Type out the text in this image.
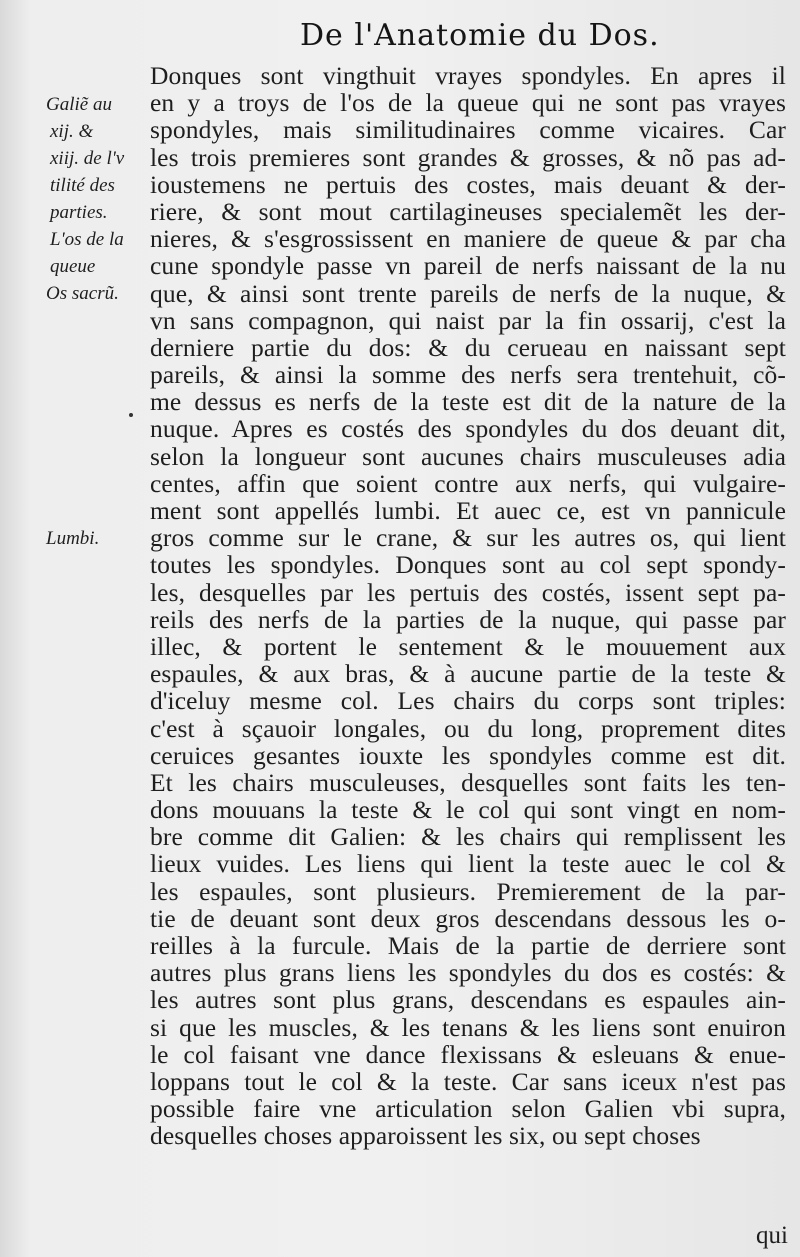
De l'Anatomie du Dos.
Galiẽ au
xij. &
xiij. de l'v
tilité des
parties.
L'os de la
queue
Os sacrũ.
Lumbi.
Donques sont vingthuit vrayes spondyles. En apres il
en y a troys de l'os de la queue qui ne sont pas vrayes
spondyles, mais similitudinaires comme vicaires. Car
les trois premieres sont grandes & grosses, & nõ pas ad-
ioustemens ne pertuis des costes, mais deuant & der-
riere, & sont mout cartilagineuses specialemẽt les der-
nieres, & s'esgrossissent en maniere de queue & par cha
cune spondyle passe vn pareil de nerfs naissant de la nu
que, & ainsi sont trente pareils de nerfs de la nuque, &
vn sans compagnon, qui naist par la fin ossarij, c'est la
derniere partie du dos: & du cerueau en naissant sept
pareils, & ainsi la somme des nerfs sera trentehuit, cõ-
me dessus es nerfs de la teste est dit de la nature de la
nuque. Apres es costés des spondyles du dos deuant dit,
selon la longueur sont aucunes chairs musculeuses adia
centes, affin que soient contre aux nerfs, qui vulgaire-
ment sont appellés lumbi. Et auec ce, est vn pannicule
gros comme sur le crane, & sur les autres os, qui lient
toutes les spondyles. Donques sont au col sept spondy-
les, desquelles par les pertuis des costés, issent sept pa-
reils des nerfs de la parties de la nuque, qui passe par
illec, & portent le sentement & le mouuement aux
espaules, & aux bras, & à aucune partie de la teste &
d'iceluy mesme col. Les chairs du corps sont triples:
c'est à sçauoir longales, ou du long, proprement dites
ceruices gesantes iouxte les spondyles comme est dit.
Et les chairs musculeuses, desquelles sont faits les ten-
dons mouuans la teste & le col qui sont vingt en nom-
bre comme dit Galien: & les chairs qui remplissent les
lieux vuides. Les liens qui lient la teste auec le col &
les espaules, sont plusieurs. Premierement de la par-
tie de deuant sont deux gros descendans dessous les o-
reilles à la furcule. Mais de la partie de derriere sont
autres plus grans liens les spondyles du dos es costés: &
les autres sont plus grans, descendans es espaules ain-
si que les muscles, & les tenans & les liens sont enuiron
le col faisant vne dance flexissans & esleuans & enue-
loppans tout le col & la teste. Car sans iceux n'est pas
possible faire vne articulation selon Galien vbi supra,
desquelles choses apparoissent les six, ou sept choses
qui
